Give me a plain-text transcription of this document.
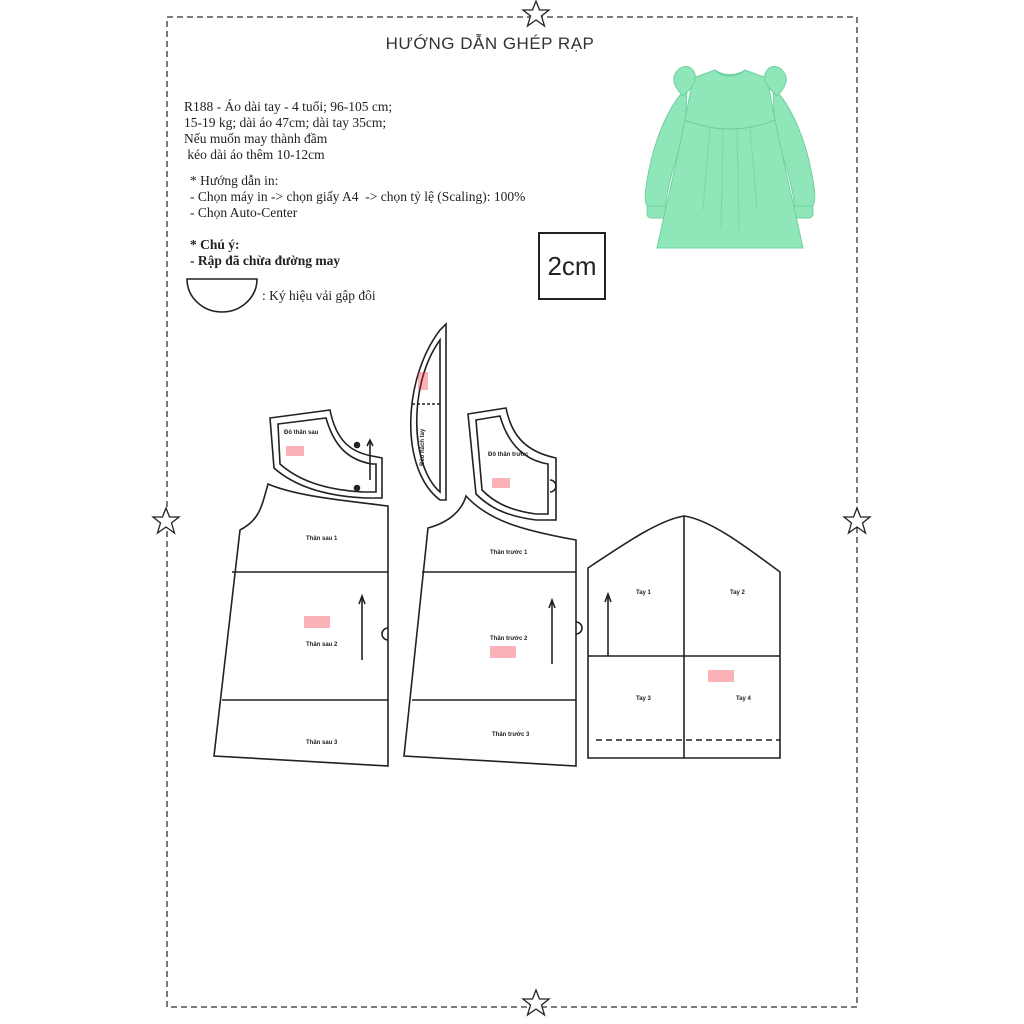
HƯỚNG DẪN GHÉP RẠP
R188 - Áo dài tay - 4 tuổi; 96-105 cm;
15-19 kg; dài áo 47cm; dài tay 35cm;
Nếu muốn may thành đầm
kéo dài áo thêm 10-12cm
* Hướng dẫn in:
- Chọn máy in -> chọn giấy A4  -> chọn tỷ lệ (Scaling): 100%
- Chọn Auto-Center
* Chú ý:
- Rập đã chừa đường may
: Ký hiệu vải gập đôi
2cm
Đô thân sau	Bèo nách tay	Đô thân trước
Thân sau 1
Thân sau 2
Thân sau 3
Thân trước 1
Thân trước 2
Thân trước 3
Tay 1	Tay 2
Tay 3	Tay 4
